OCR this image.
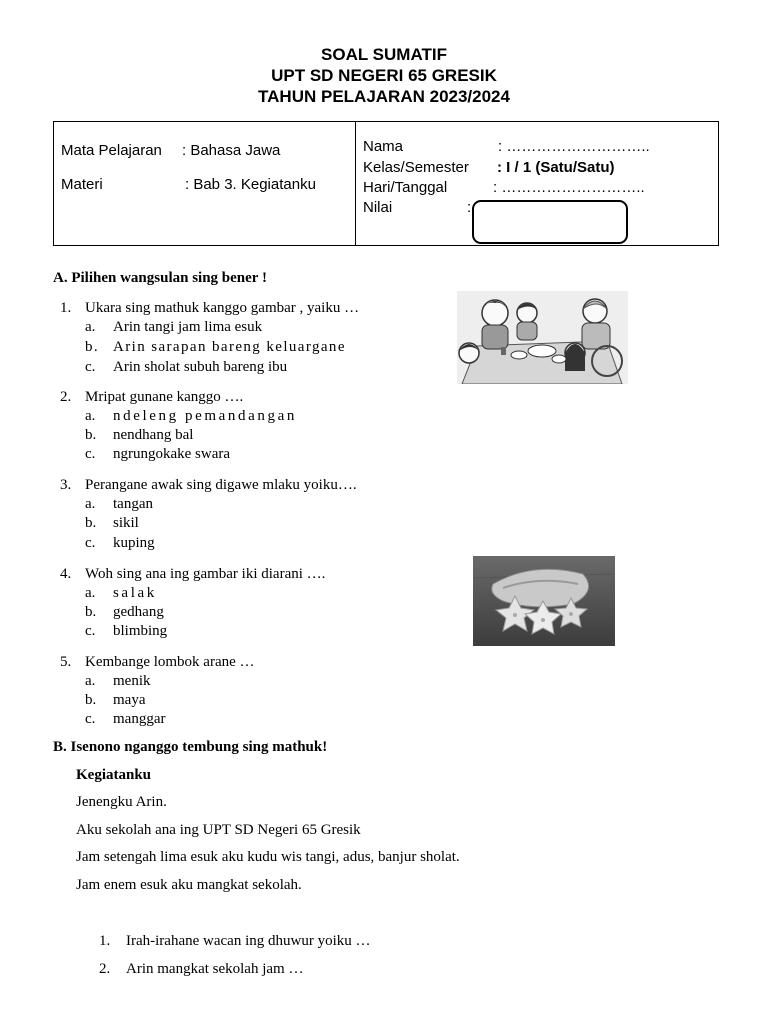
SOAL SUMATIF
UPT SD NEGERI 65 GRESIK
TAHUN PELAJARAN 2023/2024
Mata Pelajaran : Bahasa Jawa
Materi	: Bab 3. Kegiatanku
Nama	: ………………………..
Kelas/Semester : I / 1 (Satu/Satu)
Hari/Tanggal	: ………………………..
Nilai	:
A. Pilihen wangsulan sing bener !
1. Ukara sing mathuk kanggo gambar , yaiku …
a. Arin tangi jam lima esuk
b. Arin sarapan bareng keluargane
c. Arin sholat subuh bareng ibu
2. Mripat gunane kanggo ….
a. ndeleng pemandangan
b. nendhang bal
c. ngrungokake swara
3. Perangane awak sing digawe mlaku yoiku….
a. tangan
b. sikil
c. kuping
4. Woh sing ana ing gambar iki diarani ….
a. salak
b. gedhang
c. blimbing
5. Kembange lombok arane …
a. menik
b. maya
c. manggar
B. Isenono nganggo tembung sing mathuk!
Kegiatanku
Jenengku Arin.
Aku sekolah ana ing UPT SD Negeri 65 Gresik
Jam setengah lima esuk aku kudu wis tangi, adus, banjur sholat.
Jam enem esuk aku mangkat sekolah.
1. Irah-irahane wacan ing dhuwur yoiku …
2. Arin mangkat sekolah jam …
